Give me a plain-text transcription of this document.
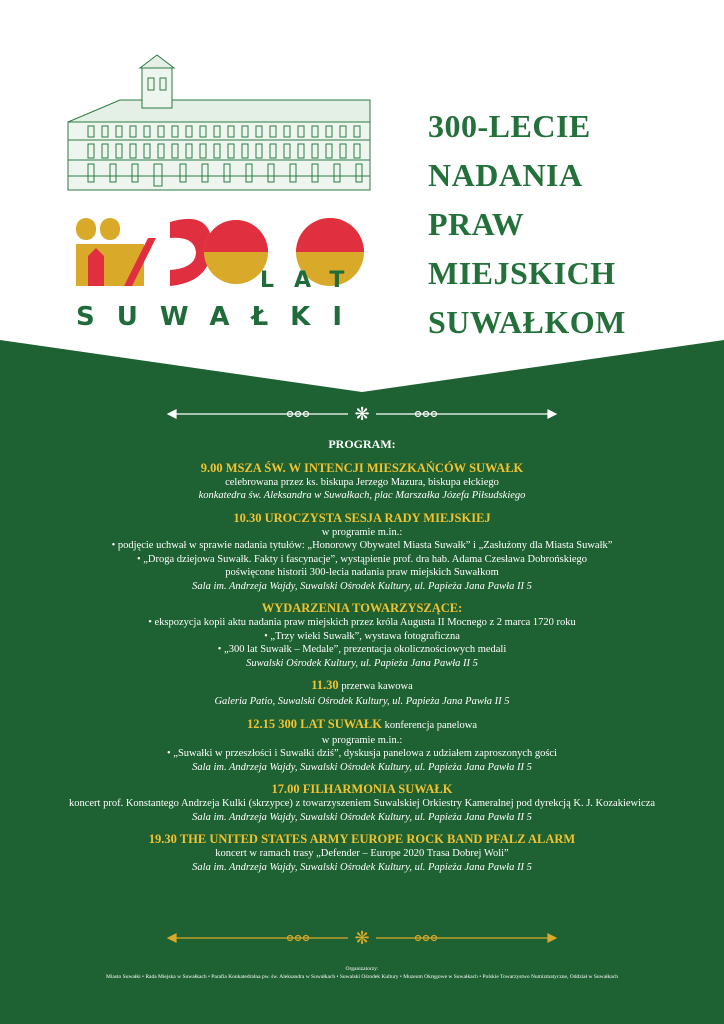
LAT
SUWAŁKI
300-LECIE
NADANIA
PRAW
MIEJSKICH
SUWAŁKOM
❋
PROGRAM:
9.00 MSZA ŚW. W INTENCJI MIESZKAŃCÓW SUWAŁK
celebrowana przez ks. biskupa Jerzego Mazura, biskupa ełckiego
konkatedra św. Aleksandra w Suwałkach, plac Marszałka Józefa Piłsudskiego
10.30 UROCZYSTA SESJA RADY MIEJSKIEJ
w programie m.in.:
• podjęcie uchwał w sprawie nadania tytułów: „Honorowy Obywatel Miasta Suwałk” i „Zasłużony dla Miasta Suwałk”
• „Droga dziejowa Suwałk. Fakty i fascynacje”, wystąpienie prof. dra hab. Adama Czesława Dobrońskiego
poświęcone historii 300-lecia nadania praw miejskich Suwałkom
Sala im. Andrzeja Wajdy, Suwalski Ośrodek Kultury, ul. Papieża Jana Pawła II 5
WYDARZENIA TOWARZYSZĄCE:
• ekspozycja kopii aktu nadania praw miejskich przez króla Augusta II Mocnego z 2 marca 1720 roku
• „Trzy wieki Suwałk”, wystawa fotograficzna
• „300 lat Suwałk – Medale”, prezentacja okolicznościowych medali
Suwalski Ośrodek Kultury, ul. Papieża Jana Pawła II 5
11.30 przerwa kawowa
Galeria Patio, Suwalski Ośrodek Kultury, ul. Papieża Jana Pawła II 5
12.15 300 LAT SUWAŁK konferencja panelowa
w programie m.in.:
• „Suwałki w przeszłości i Suwałki dziś”, dyskusja panelowa z udziałem zaproszonych gości
Sala im. Andrzeja Wajdy, Suwalski Ośrodek Kultury, ul. Papieża Jana Pawła II 5
17.00 FILHARMONIA SUWAŁK
koncert prof. Konstantego Andrzeja Kulki (skrzypce) z towarzyszeniem Suwalskiej Orkiestry Kameralnej pod dyrekcją K. J. Kozakiewicza
Sala im. Andrzeja Wajdy, Suwalski Ośrodek Kultury, ul. Papieża Jana Pawła II 5
19.30 THE UNITED STATES ARMY EUROPE ROCK BAND PFALZ ALARM
koncert w ramach trasy „Defender – Europe 2020 Trasa Dobrej Woli”
Sala im. Andrzeja Wajdy, Suwalski Ośrodek Kultury, ul. Papieża Jana Pawła II 5
❋
Organizatorzy:
Miasto Suwałki • Rada Miejska w Suwałkach • Parafia Konkatedralna pw. św. Aleksandra w Suwałkach • Suwalski Ośrodek Kultury • Muzeum Okręgowe w Suwałkach • Polskie Towarzystwo Numizmatyczne, Oddział w Suwałkach
